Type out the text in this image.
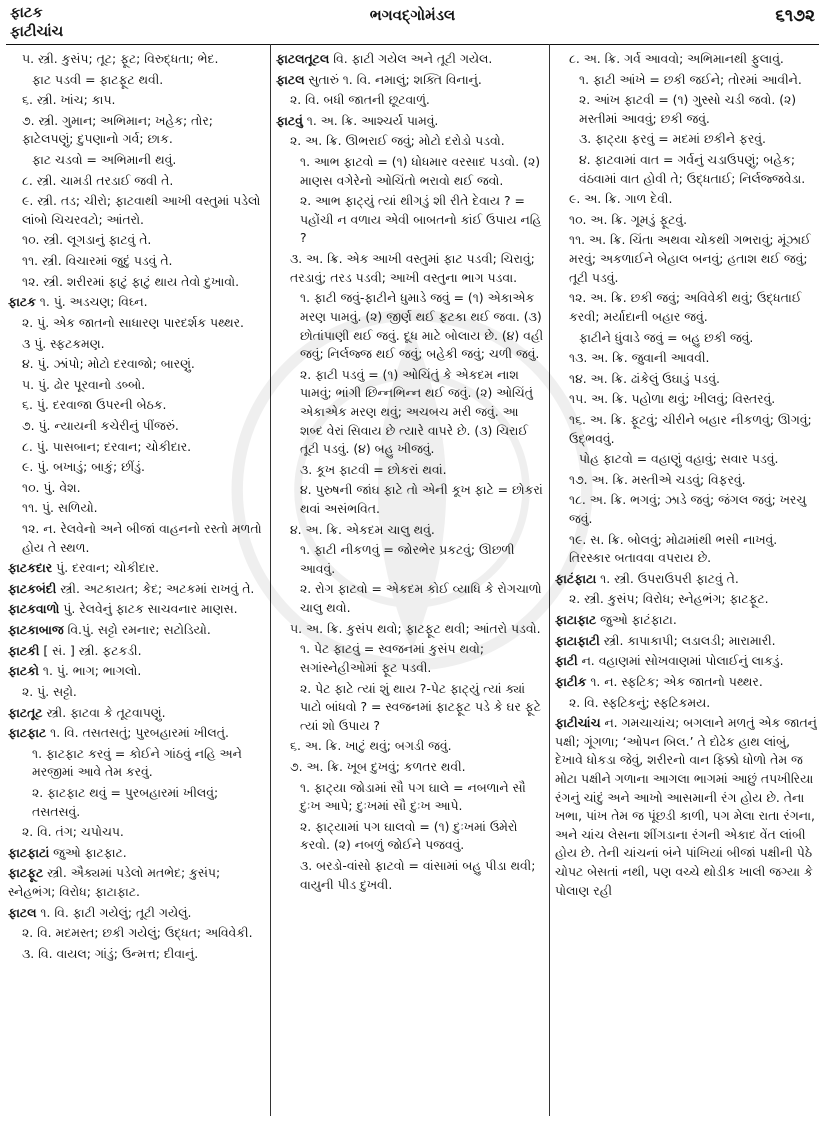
ફાટક
ફાટીચાંચ
ભગવદ્ગોમંડલ	૬૧૭૨

૫. સ્ત્રી. કુસંપ; તૂટ; ફૂટ; વિરુદ્ધતા; ભેદ.

ફાટ પડવી = ફાટફૂટ થવી.

૬. સ્ત્રી. ખાંચ; કાપ.

૭. સ્ત્રી. ગુમાન; અભિમાન; ખહેક; તોર; ફાટેલપણું; દુ૫ણાનો ગર્વ; છાક.

ફાટ ચડવો = અભિમાની થવું.

૮. સ્ત્રી. ચામડી તરડાઈ જવી તે.

૯. સ્ત્રી. તડ; ચીરો; ફાટવાથી આખી વસ્તુમાં પડેલો લાંબો ચિચરવટો; આંતરો.

૧૦. સ્ત્રી. લૂગડાનું ફાટવું તે.

૧૧. સ્ત્રી. વિચારમાં જુદું પડવું તે.

૧૨. સ્ત્રી. શરીરમાં ફાટું ફાટું થાય તેવો દુખાવો.

ફાટક ૧. પું. અડચણ; વિઘ્ન.

૨. પું. એક જાતનો સાધારણ પારદર્શક પથ્થર.

૩ પું. સ્ફટકમણ.

૪. પું. ઝાંપો; મોટો દરવાજો; બારણું.

૫. પું. ઢોર પૂરવાનો ડબ્બો.

૬. પું. દરવાજા ઉપરની બેઠક.

૭. પું. ન્યાયની કચેરીનું પીંજરું.

૮. પું. પાસબાન; દરવાન; ચોકીદાર.

૯. પું. બખાડું; બાકું; છીંડું.

૧૦. પું. વેશ.

૧૧. પું. સળિયો.

૧૨. ન. રેલવેનો અને બીજાં વાહનનો રસ્તો મળતો હોય તે સ્થળ.

ફાટકદાર પું. દરવાન; ચોકીદાર.

ફાટકબંદી સ્ત્રી. અટકાયત; કેદ; અટકમાં રાખવું તે.

ફાટકવાળો પું. રેલવેનું ફાટક સાચવનાર માણસ.

ફાટકાબાજ વિ.પું. સટ્ટો રમનાર; સટોડિયો.

ફાટકી [ સં. ] સ્ત્રી. ફટકડી.

ફાટકો ૧. પું. ભાગ; ભાગલો.

૨. પું. સટ્ટો.

ફાટતૂટ સ્ત્રી. ફાટવા કે તૂટવાપણું.

ફાટફાટ ૧. વિ. તસતસતું; પુરબહારમાં ખીલતું.

૧. ફાટફાટ કરવું = કોઈને ગાંઠવું નહિ અને મરજીમાં આવે તેમ કરવું.

૨. ફાટફાટ થવું = પુરબહારમાં ખીલવું; તસતસવું.

૨. વિ. તંગ; ચપોચપ.

ફાટફાટાં જુઓ ફાટફાટ.

ફાટફૂટ સ્ત્રી. ઐક્યમાં પડેલો મતભેદ; કુસંપ; સ્નેહભંગ; વિરોધ; ફાટાફાટ.

ફાટલ ૧. વિ. ફાટી ગયેલું; તૂટી ગયેલું.

૨. વિ. મદમસ્ત; છકી ગયેલું; ઉદ્ધત; અવિવેકી.

૩. વિ. વાયલ; ગાંડું; ઉન્મત્ત; દીવાનું.

ફાટલતૂટલ વિ. ફાટી ગયેલ અને તૂટી ગયેલ.

ફાટલ સુતારું ૧. વિ. નમાલું; શક્તિ વિનાનું.

૨. વિ. બધી જાતની છૂટવાળું.

ફાટવું ૧. અ. ક્રિ. આશ્ચર્ય પામવું.

૨. અ. ક્રિ. ઊભરાઈ જવું; મોટો દરોડો પડવો.

૧. આભ ફાટવો = (૧) ધોધમાર વરસાદ પડવો. (૨) માણસ વગેરેનો ઓચિંતો ભરાવો થઈ જવો.

૨. આભ ફાટ્યું ત્યાં થીગડું શી રીતે દેવાય ? = પહોંચી ન વળાય એવી બાબતનો કાંઈ ઉપાય નહિ ?

૩. અ. ક્રિ. એક આખી વસ્તુમાં ફાટ પડવી; ચિરાવું; તરડાવું; તરડ પડવી; આખી વસ્તુના ભાગ પડવા.

૧. ફાટી જવું-ફાટીને ધુમાડે જવું = (૧) એકાએક મરણ પામવું. (૨) જીર્ણ થઈ ફટકા થઈ જવા. (૩) છોતાંપાણી થઈ જવું. દૂધ માટે બોલાય છે. (૪) વહી જવું; નિર્લજ્જ થઈ જવું; બહેકી જવું; ચળી જવું.

૨. ફાટી પડવું = (૧) ઓચિંતું કે એકદમ નાશ પામવું; ભાંગી છિન્નભિન્ન થઈ જવું. (૨) ઓચિંતું એકાએક મરણ થવું; અચબચ મરી જવું. આ શબ્દ વેરાં સિવાય છે ત્યારે વાપરે છે. (૩) ચિરાઈ તૂટી પડવું. (૪) બહુ ખીજવું.

૩. કૂખ ફાટવી = છોકરાં થવાં.

૪. પુરુષની જાંઘ ફાટે તો એની કૂખ ફાટે = છોકરાં થવાં અસંભવિત.

૪. અ. ક્રિ. એકદમ ચાલુ થવું.

૧. ફાટી નીકળવું = જોરભેર પ્રકટવું; ઊછળી આવવું.

૨. રોગ ફાટવો = એકદમ કોઈ વ્યાધિ કે રોગચાળો ચાલુ થવો.

૫. અ. ક્રિ. કુસંપ થવો; ફાટફૂટ થવી; આંતરો પડવો.

૧. પેટ ફાટવું = સ્વજનમાં કુસંપ થવો; સગાંસ્નેહીઓમાં ફૂટ પડવી.

૨. પેટ ફાટે ત્યાં શું થાય ?-પેટ ફાટ્યું ત્યાં ક્યાં પાટો બાંધવો ? = સ્વજનમાં ફાટફૂટ પડે કે ઘર ફૂટે ત્યાં શો ઉપાય ?

૬. અ. ક્રિ. ખાટું થવું; બગડી જવું.

૭. અ. ક્રિ. ખૂબ દુખવું; કળતર થવી.

૧. ફાટ્યા જોડામાં સૌ પગ ઘાલે = નબળાને સૌ દુઃખ આપે; દુઃખમાં સૌ દુઃખ આપે.

૨. ફાટ્યામાં પગ ઘાલવો = (૧) દુઃખમાં ઉમેરો કરવો. (૨) નબળું જોઈને પજવવું.

૩. બરડો-વાંસો ફાટવો = વાંસામાં બહુ પીડા થવી; વાયુની પીડ દુખવી.

૮. અ. ક્રિ. ગર્વ આવવો; અભિમાનથી ફુલાવું.

૧. ફાટી આંખે = છકી જઈને; તોરમાં આવીને.

૨. આંખ ફાટવી = (૧) ગુસ્સો ચડી જવો. (૨) મસ્તીમાં આવવું; છકી જવું.

૩. ફાટ્યા ફરવું = મદમાં છકીને ફરવું.

૪. ફાટવામાં વાત = ગર્વનું ચડાઉપણું; બહેક; વંઠવામાં વાત હોવી તે; ઉદ્ધતાઈ; નિર્લજ્જવેડા.

૯. અ. ક્રિ. ગાળ દેવી.

૧૦. અ. ક્રિ. ગૂમડું ફૂટવું.

૧૧. અ. ક્રિ. ચિંતા અથવા ચોકથી ગભરાવું; મૂંઝાઈ મરવું; અકળાઈને બેહાલ બનવું; હતાશ થઈ જવું; તૂટી પડવું.

૧૨. અ. ક્રિ. છકી જવું; અવિવેકી થવું; ઉદ્ધતાઈ કરવી; મર્યાદાની બહાર જવું.

ફાટીને ધુંવાડે જવું = બહુ છકી જવું.

૧૩. અ. ક્રિ. જુવાની આવવી.

૧૪. અ. ક્રિ. ઢાંકેલું ઉઘાડું પડવું.

૧૫. અ. ક્રિ. પહોળા થવું; ખીલવું; વિસ્તરવું.

૧૬. અ. ક્રિ. ફૂટવું; ચીરીને બહાર નીકળવું; ઊગવું; ઉદ્ભવવું.

પોહ ફાટવો = વહાણું વહાવું; સવાર પડવું.

૧૭. અ. ક્રિ. મસ્તીએ ચડવું; વિફરવું.

૧૮. અ. ક્રિ. ભગવું; ઝાડે જવું; જંગલ જવું; ખરચુ જવું.

૧૯. સ. ક્રિ. બોલવું; મોઢામાંથી ભસી નાખવું. તિરસ્કાર બતાવવા વપરાય છે.

ફાટંફાટા ૧. સ્ત્રી. ઉપરાઉપરી ફાટવું તે.

૨. સ્ત્રી. કુસંપ; વિરોધ; સ્નેહભંગ; ફાટફૂટ.

ફાટાફાટ જુઓ ફાટંફાટા.

ફાટાફાટી સ્ત્રી. કાપાકાપી; લડાલડી; મારામારી.

ફાટી ન. વહાણમાં સોખવાણમાં પોલાઈનું લાકડું.

ફાટીક ૧. ન. સ્ફટિક; એક જાતનો પથ્થર.

૨. વિ. સ્ફટિકનું; સ્ફટિકમય.

ફાટીચાંચ ન. ગમચાચાંચ; બગલાને મળતું એક જાતનું પક્ષી; ગૂંગળા; ‘ઓપન બિલ.’ તે દોઢેક હાથ લાંબું, દેખાવે ધોકડા જેવું, શરીરનો વાન ફિક્કો ધોળો તેમ જ મોટા પક્ષીને ગળાના આગલા ભાગમાં આછું તપખીરિયા રંગનું ચાંદું અને આખો આસમાની રંગ હોય છે. તેના ખભા, પાંખ તેમ જ પૂંછડી કાળી, પગ મેલા રાતા રંગના, અને ચાંચ લેસના શીંગડાના રંગની એકાદ વેંત લાંબી હોય છે. તેની ચાંચનાં બંને પાંખિયાં બીજાં પક્ષીની પેઠે ચોપટ બેસતાં નથી, પણ વચ્ચે થોડીક ખાલી જગ્યા કે પોલાણ રહી
